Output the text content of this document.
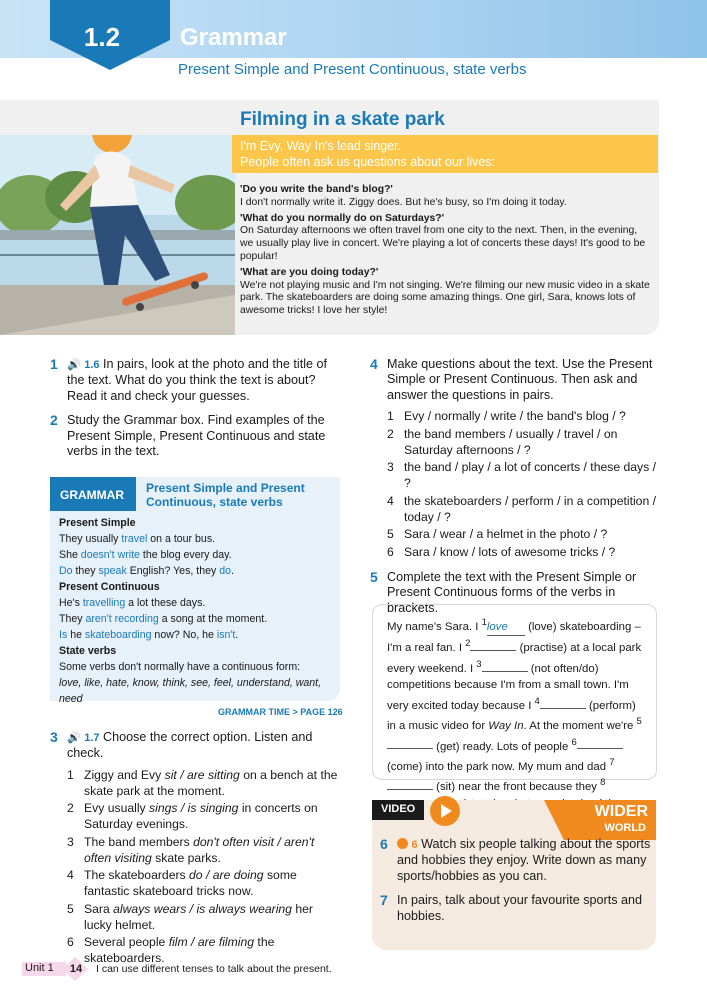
1.2	Grammar
Present Simple and Present Continuous, state verbs
Filming in a skate park
I'm Evy, Way In's lead singer.
People often ask us questions about our lives:
'Do you write the band's blog?'
I don't normally write it. Ziggy does. But he's busy, so I'm doing it today.
'What do you normally do on Saturdays?'
On Saturday afternoons we often travel from one city to the next. Then, in the evening, we usually play live in concert. We're playing a lot of concerts these days! It's good to be popular!
'What are you doing today?'
We're not playing music and I'm not singing. We're filming our new music video in a skate park. The skateboarders are doing some amazing things. One girl, Sara, knows lots of awesome tricks! I love her style!
1 🔊 1.6 In pairs, look at the photo and the title of the text. What do you think the text is about? Read it and check your guesses.
2 Study the Grammar box. Find examples of the Present Simple, Present Continuous and state verbs in the text.
GRAMMAR	Present Simple and Present Continuous, state verbs
Present Simple
They usually travel on a tour bus.
She doesn't write the blog every day.
Do they speak English? Yes, they do.
Present Continuous
He's travelling a lot these days.
They aren't recording a song at the moment.
Is he skateboarding now? No, he isn't.
State verbs
Some verbs don't normally have a continuous form:
love, like, hate, know, think, see, feel, understand, want, need
GRAMMAR TIME > PAGE 126
3 🔊 1.7 Choose the correct option. Listen and check.
1 Ziggy and Evy sit / are sitting on a bench at the skate park at the moment.
2 Evy usually sings / is singing in concerts on Saturday evenings.
3 The band members don't often visit / aren't often visiting skate parks.
4 The skateboarders do / are doing some fantastic skateboard tricks now.
5 Sara always wears / is always wearing her lucky helmet.
6 Several people film / are filming the skateboarders.
4 Make questions about the text. Use the Present Simple or Present Continuous. Then ask and answer the questions in pairs.
1 Evy / normally / write / the band's blog / ?
2 the band members / usually / travel / on Saturday afternoons / ?
3 the band / play / a lot of concerts / these days / ?
4 the skateboarders / perform / in a competition / today / ?
5 Sara / wear / a helmet in the photo / ?
6 Sara / know / lots of awesome tricks / ?
5 Complete the text with the Present Simple or Present Continuous forms of the verbs in brackets.
My name's Sara. I $^1$love (love) skateboarding – I'm a real fan. I $^2$	(practise) at a local park every weekend. I $^3$	(not often/do) competitions because I'm from a small town. I'm very excited today because I $^4$	(perform) in a music video for Way In. At the moment we're $^5$ (get) ready. Lots of people $^6$ (come) into the park now. My mum and dad $^7$ (sit) near the front because they $^8$
VIDEO	WIDER
WORLD
6	6 Watch six people talking about the sports and hobbies they enjoy. Write down as many sports/hobbies as you can.
7 In pairs, talk about your favourite sports and hobbies.
Unit 1	14	I can use different tenses to talk about the present.
